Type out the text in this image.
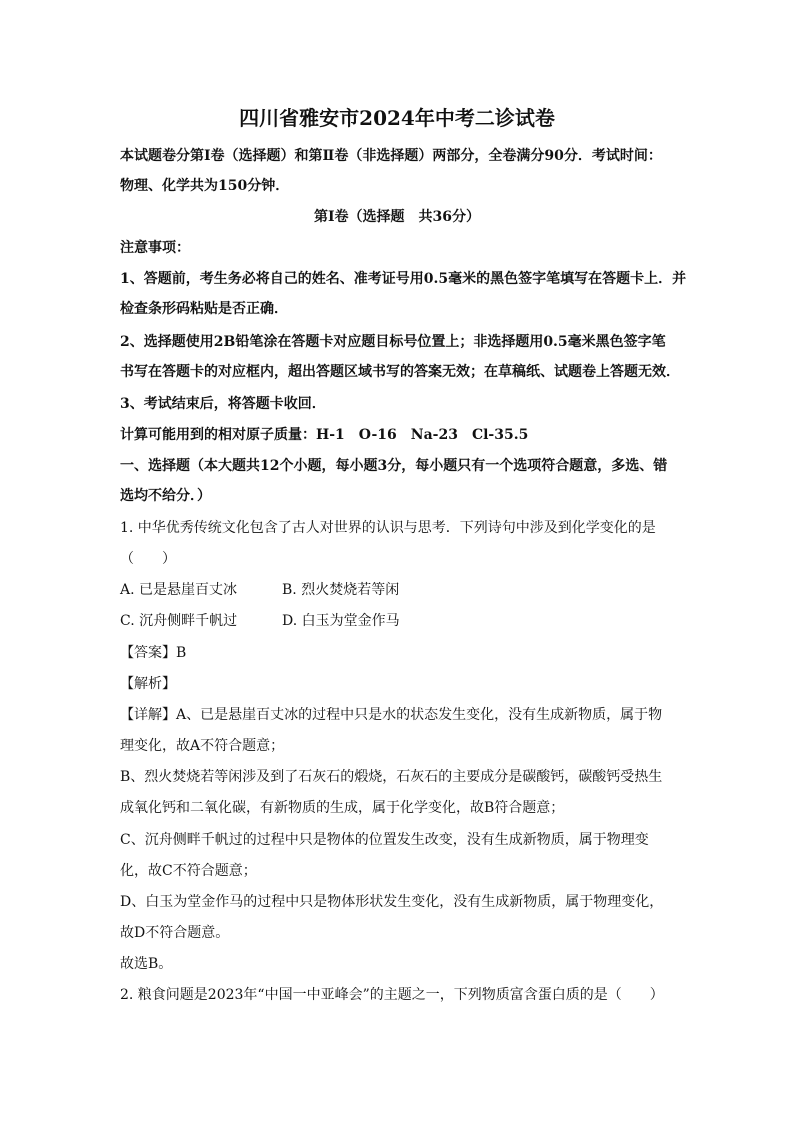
四川省雅安市2024年中考二诊试卷
本试题卷分第I卷（选择题）和第Ⅱ卷（非选择题）两部分，全卷满分90分．考试时间：
物理、化学共为150分钟．
第I卷（选择题　共36分）
注意事项：
1、答题前，考生务必将自己的姓名、准考证号用0.5毫米的黑色签字笔填写在答题卡上．并
检查条形码粘贴是否正确．
2、选择题使用2B铅笔涂在答题卡对应题目标号位置上；非选择题用0.5毫米黑色签字笔
书写在答题卡的对应框内，超出答题区域书写的答案无效；在草稿纸、试题卷上答题无效．
3、考试结束后，将答题卡收回．
计算可能用到的相对原子质量：H-1　O-16　Na-23　Cl-35.5
一、选择题（本大题共12个小题，每小题3分，每小题只有一个选项符合题意，多选、错
选均不给分．）
1. 中华优秀传统文化包含了古人对世界的认识与思考．下列诗句中涉及到化学变化的是
（　　）
A. 已是悬崖百丈冰	B. 烈火焚烧若等闲
C. 沉舟侧畔千帆过	D. 白玉为堂金作马
【答案】B
【解析】
【详解】A、已是悬崖百丈冰的过程中只是水的状态发生变化，没有生成新物质，属于物
理变化，故A不符合题意；
B、烈火焚烧若等闲涉及到了石灰石的煅烧，石灰石的主要成分是碳酸钙，碳酸钙受热生
成氧化钙和二氧化碳，有新物质的生成，属于化学变化，故B符合题意；
C、沉舟侧畔千帆过的过程中只是物体的位置发生改变，没有生成新物质，属于物理变
化，故C不符合题意；
D、白玉为堂金作马的过程中只是物体形状发生变化，没有生成新物质，属于物理变化，
故D不符合题意。
故选B。
2. 粮食问题是2023年“中国一中亚峰会”的主题之一，下列物质富含蛋白质的是（　　）
